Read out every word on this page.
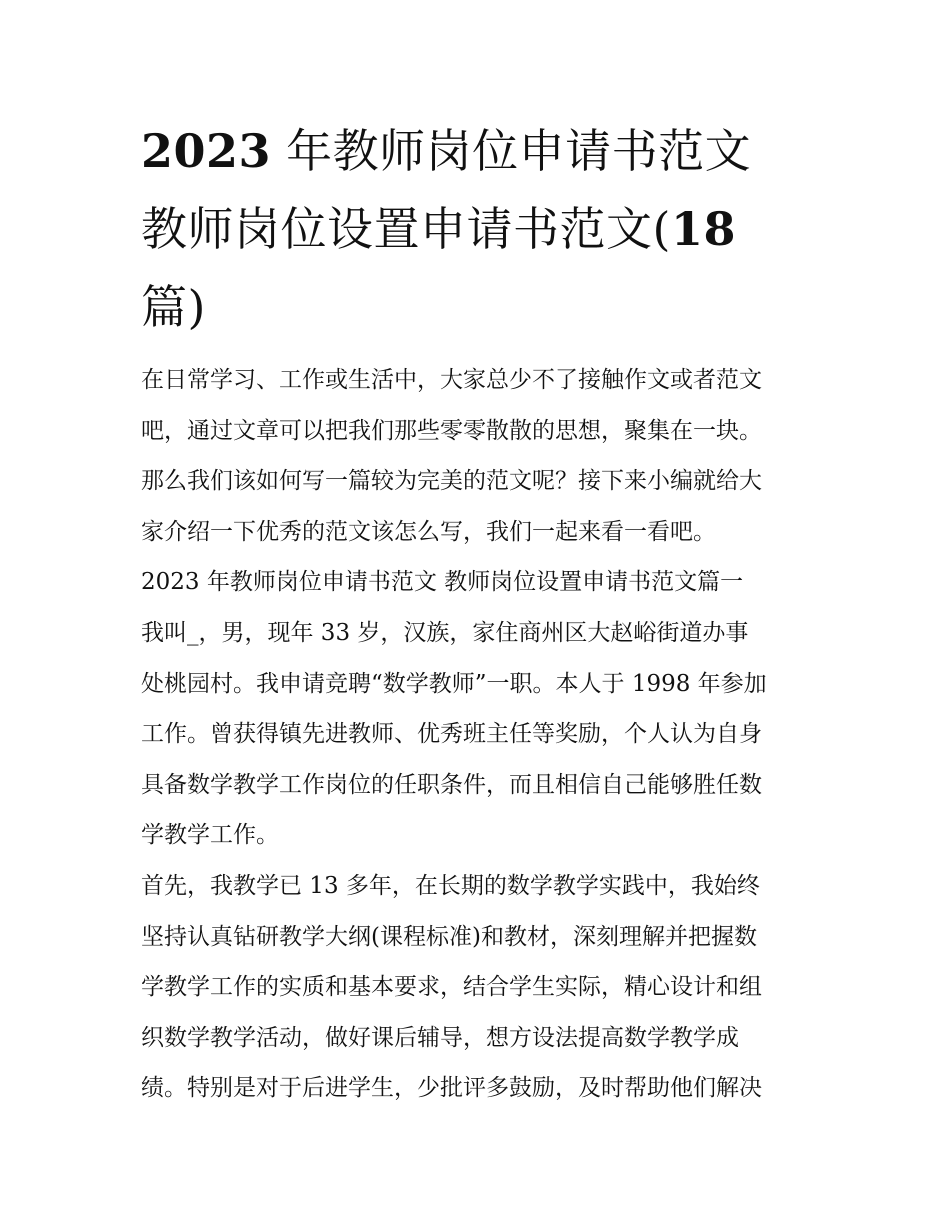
2023 年教师岗位申请书范文
教师岗位设置申请书范文(18
篇)
在日常学习、工作或生活中，大家总少不了接触作文或者范文
吧，通过文章可以把我们那些零零散散的思想，聚集在一块。
那么我们该如何写一篇较为完美的范文呢？接下来小编就给大
家介绍一下优秀的范文该怎么写，我们一起来看一看吧。
2023 年教师岗位申请书范文 教师岗位设置申请书范文篇一
我叫_，男，现年 33 岁，汉族，家住商州区大赵峪街道办事
处桃园村。我申请竞聘“数学教师”一职。本人于 1998 年参加
工作。曾获得镇先进教师、优秀班主任等奖励，个人认为自身
具备数学教学工作岗位的任职条件，而且相信自己能够胜任数
学教学工作。
首先，我教学已 13 多年，在长期的数学教学实践中，我始终
坚持认真钻研教学大纲(课程标准)和教材，深刻理解并把握数
学教学工作的实质和基本要求，结合学生实际，精心设计和组
织数学教学活动，做好课后辅导，想方设法提高数学教学成
绩。特别是对于后进学生，少批评多鼓励，及时帮助他们解决
